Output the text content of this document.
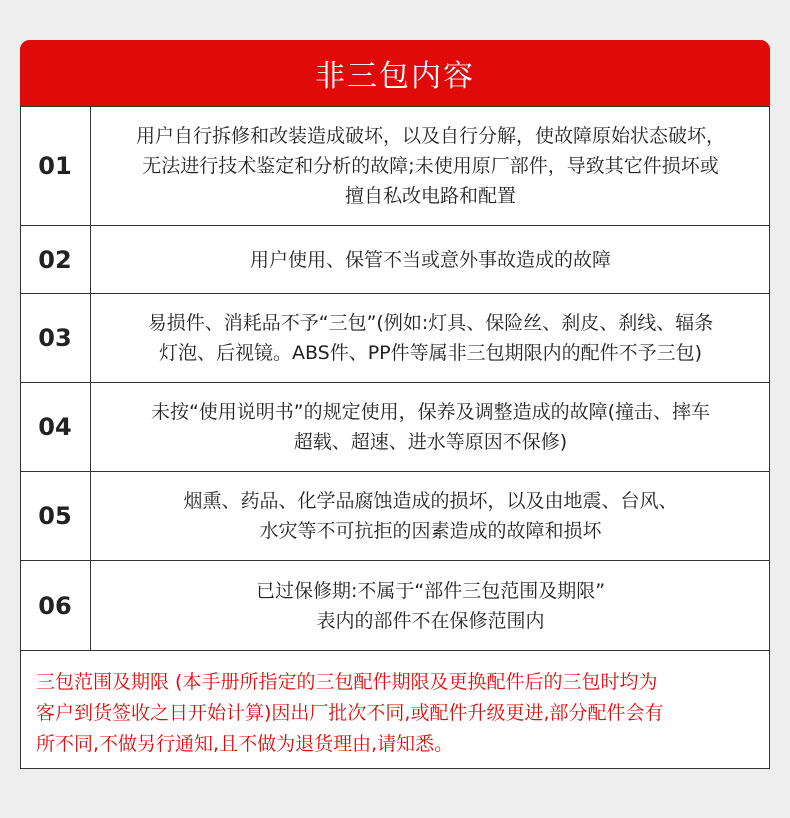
非三包内容
01
用户自行拆修和改装造成破坏，以及自行分解，使故障原始状态破坏，
无法进行技术鉴定和分析的故障;未使用原厂部件，导致其它件损坏或
擅自私改电路和配置
02	用户使用、保管不当或意外事故造成的故障
03
易损件、消耗品不予“三包”(例如:灯具、保险丝、刹皮、刹线、辐条
灯泡、后视镜。ABS件、PP件等属非三包期限内的配件不予三包)
04
未按“使用说明书”的规定使用，保养及调整造成的故障(撞击、摔车
超载、超速、进水等原因不保修)
05
烟熏、药品、化学品腐蚀造成的损坏，以及由地震、台风、
水灾等不可抗拒的因素造成的故障和损坏
06
已过保修期:不属于“部件三包范围及期限”
表内的部件不在保修范围内
三包范围及期限 (本手册所指定的三包配件期限及更换配件后的三包时均为
客户到货签收之日开始计算)因出厂批次不同,或配件升级更进,部分配件会有
所不同,不做另行通知,且不做为退货理由,请知悉。
